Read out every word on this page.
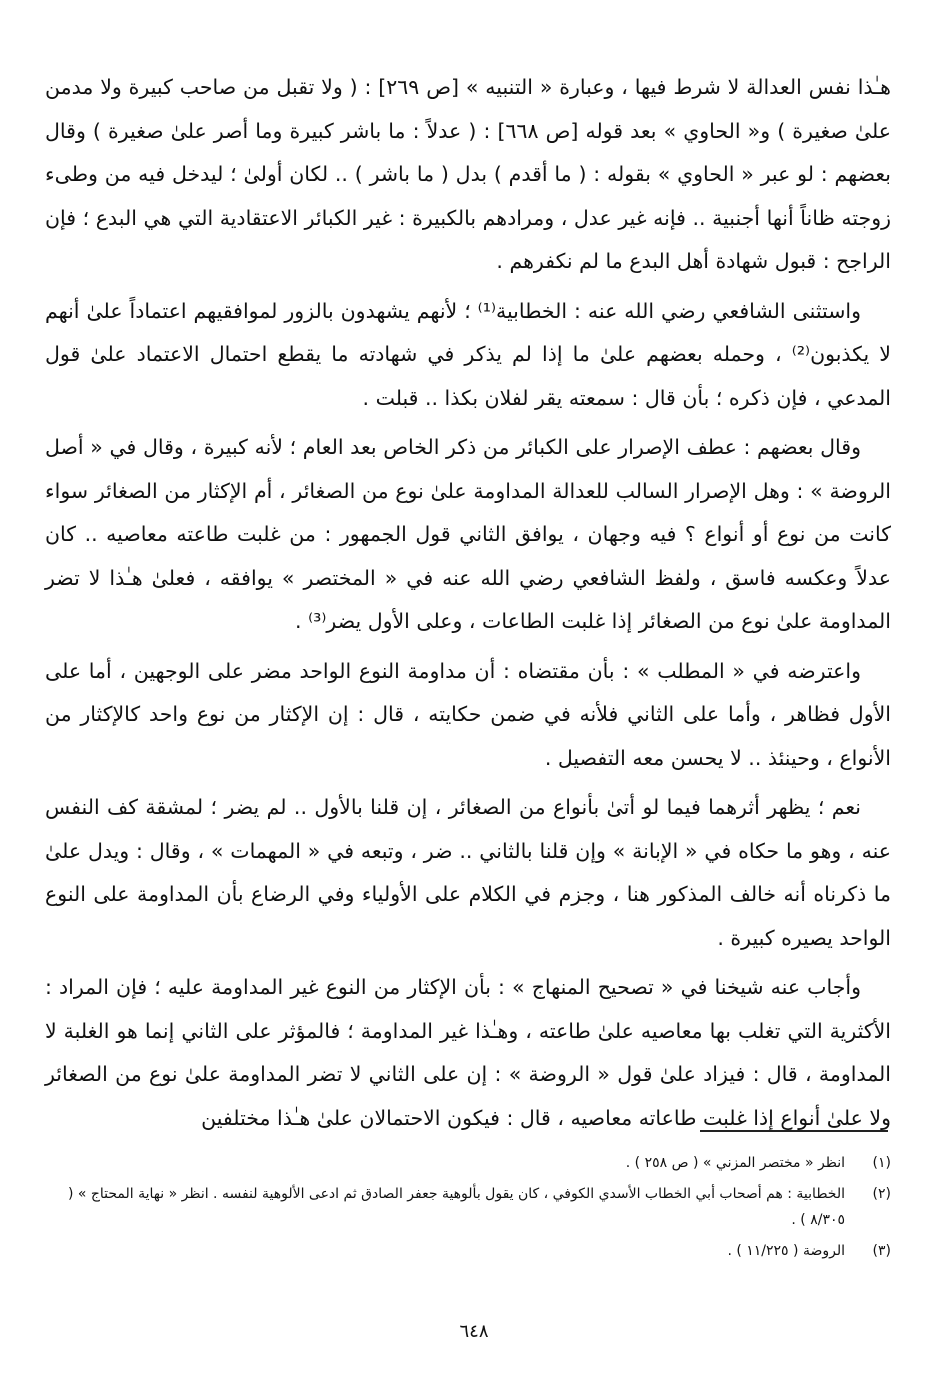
هـٰذا نفس العدالة لا شرط فيها ، وعبارة « التنبيه » [ص ٢٦٩] : ( ولا تقبل من صاحب كبيرة ولا مدمن علىٰ صغيرة ) و« الحاوي » بعد قوله [ص ٦٦٨] : ( عدلاً : ما باشر كبيرة وما أصر علىٰ صغيرة ) وقال بعضهم : لو عبر « الحاوي » بقوله : ( ما أقدم ) بدل ( ما باشر ) .. لكان أولىٰ ؛ ليدخل فيه من وطىء زوجته ظاناً أنها أجنبية .. فإنه غير عدل ، ومرادهم بالكبيرة : غير الكبائر الاعتقادية التي هي البدع ؛ فإن الراجح : قبول شهادة أهل البدع ما لم نكفرهم .

واستثنى الشافعي رضي الله عنه : الخطابية⁽¹⁾ ؛ لأنهم يشهدون بالزور لموافقيهم اعتماداً علىٰ أنهم لا يكذبون⁽²⁾ ، وحمله بعضهم علىٰ ما إذا لم يذكر في شهادته ما يقطع احتمال الاعتماد علىٰ قول المدعي ، فإن ذكره ؛ بأن قال : سمعته يقر لفلان بكذا .. قبلت .

وقال بعضهم : عطف الإصرار على الكبائر من ذكر الخاص بعد العام ؛ لأنه كبيرة ، وقال في « أصل الروضة » : وهل الإصرار السالب للعدالة المداومة علىٰ نوع من الصغائر ، أم الإكثار من الصغائر سواء كانت من نوع أو أنواع ؟ فيه وجهان ، يوافق الثاني قول الجمهور : من غلبت طاعته معاصيه .. كان عدلاً وعكسه فاسق ، ولفظ الشافعي رضي الله عنه في « المختصر » يوافقه ، فعلىٰ هـٰذا لا تضر المداومة علىٰ نوع من الصغائر إذا غلبت الطاعات ، وعلى الأول يضر⁽³⁾ .

واعترضه في « المطلب » : بأن مقتضاه : أن مداومة النوع الواحد مضر على الوجهين ، أما على الأول فظاهر ، وأما على الثاني فلأنه في ضمن حكايته ، قال : إن الإكثار من نوع واحد كالإكثار من الأنواع ، وحينئذ .. لا يحسن معه التفصيل .

نعم ؛ يظهر أثرهما فيما لو أتىٰ بأنواع من الصغائر ، إن قلنا بالأول .. لم يضر ؛ لمشقة كف النفس عنه ، وهو ما حكاه في « الإبانة » وإن قلنا بالثاني .. ضر ، وتبعه في « المهمات » ، وقال : ويدل علىٰ ما ذكرناه أنه خالف المذكور هنا ، وجزم في الكلام على الأولياء وفي الرضاع بأن المداومة على النوع الواحد يصيره كبيرة .

وأجاب عنه شيخنا في « تصحيح المنهاج » : بأن الإكثار من النوع غير المداومة عليه ؛ فإن المراد : الأكثرية التي تغلب بها معاصيه علىٰ طاعته ، وهـٰذا غير المداومة ؛ فالمؤثر على الثاني إنما هو الغلبة لا المداومة ، قال : فيزاد علىٰ قول « الروضة » : إن على الثاني لا تضر المداومة علىٰ نوع من الصغائر ولا علىٰ أنواع إذا غلبت طاعاته معاصيه ، قال : فيكون الاحتمالان علىٰ هـٰذا مختلفين

(١)
انظر « مختصر المزني » ( ص ٢٥٨ ) .
(٢)
الخطابية : هم أصحاب أبي الخطاب الأسدي الكوفي ، كان يقول بألوهية جعفر الصادق ثم ادعى الألوهية لنفسه . انظر « نهاية المحتاج » ( ٨/٣٠٥ ) .
(٣)
الروضة ( ١١/٢٢٥ ) .
٦٤٨
